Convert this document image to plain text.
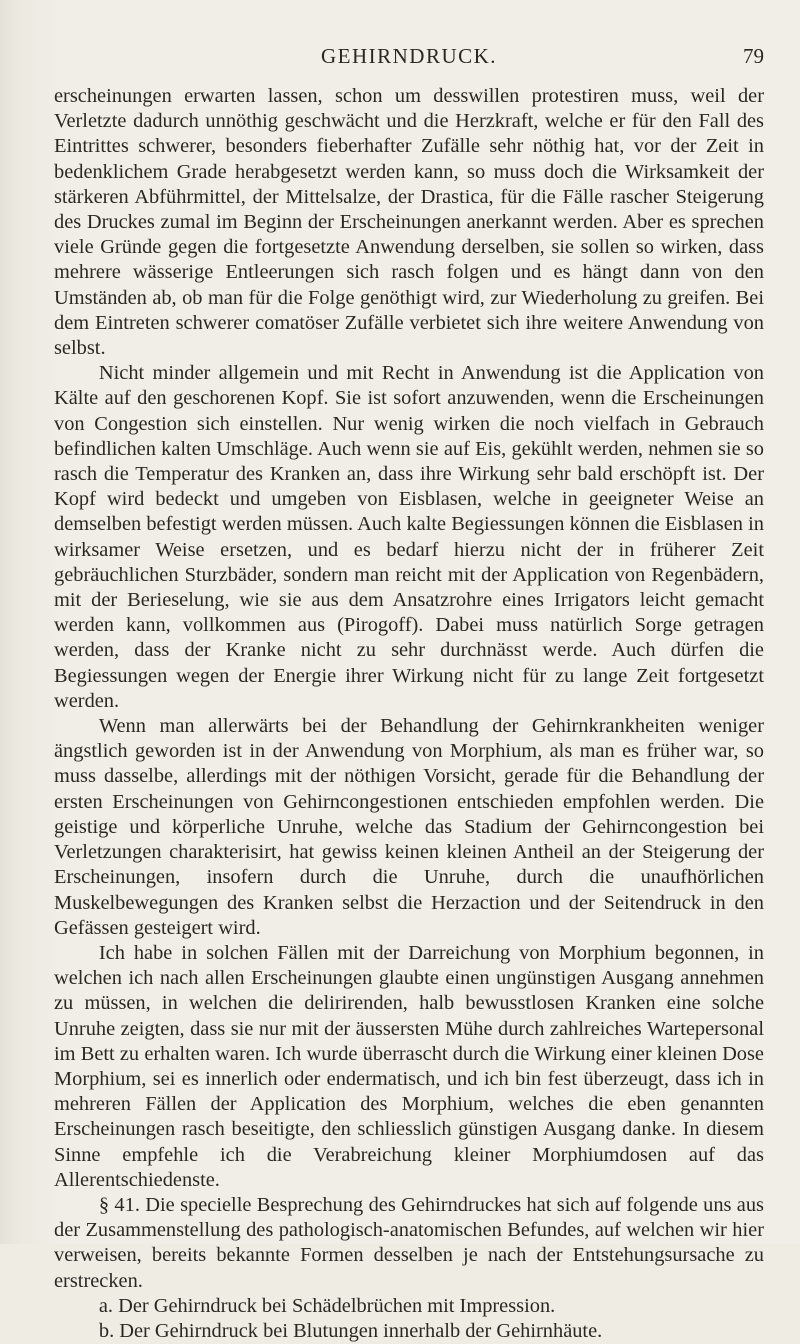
GEHIRNDRUCK.	79

erscheinungen erwarten lassen, schon um desswillen protestiren muss, weil der Verletzte dadurch unnöthig geschwächt und die Herzkraft, welche er für den Fall des Eintrittes schwerer, besonders fieberhafter Zufälle sehr nöthig hat, vor der Zeit in bedenklichem Grade herabgesetzt werden kann, so muss doch die Wirksamkeit der stärkeren Abführmittel, der Mittelsalze, der Drastica, für die Fälle rascher Steigerung des Druckes zumal im Beginn der Erscheinungen anerkannt werden. Aber es sprechen viele Gründe gegen die fortgesetzte Anwendung derselben, sie sollen so wirken, dass mehrere wässerige Entleerungen sich rasch folgen und es hängt dann von den Umständen ab, ob man für die Folge genöthigt wird, zur Wiederholung zu greifen. Bei dem Eintreten schwerer comatöser Zufälle verbietet sich ihre weitere Anwendung von selbst.

Nicht minder allgemein und mit Recht in Anwendung ist die Application von Kälte auf den geschorenen Kopf. Sie ist sofort anzuwenden, wenn die Erscheinungen von Congestion sich einstellen. Nur wenig wirken die noch vielfach in Gebrauch befindlichen kalten Umschläge. Auch wenn sie auf Eis, gekühlt werden, nehmen sie so rasch die Temperatur des Kranken an, dass ihre Wirkung sehr bald erschöpft ist. Der Kopf wird bedeckt und umgeben von Eisblasen, welche in geeigneter Weise an demselben befestigt werden müssen. Auch kalte Begiessungen können die Eisblasen in wirksamer Weise ersetzen, und es bedarf hierzu nicht der in früherer Zeit gebräuchlichen Sturzbäder, sondern man reicht mit der Application von Regenbädern, mit der Berieselung, wie sie aus dem Ansatzrohre eines Irrigators leicht gemacht werden kann, vollkommen aus (Pirogoff). Dabei muss natürlich Sorge getragen werden, dass der Kranke nicht zu sehr durchnässt werde. Auch dürfen die Begiessungen wegen der Energie ihrer Wirkung nicht für zu lange Zeit fortgesetzt werden.

Wenn man allerwärts bei der Behandlung der Gehirnkrankheiten weniger ängstlich geworden ist in der Anwendung von Morphium, als man es früher war, so muss dasselbe, allerdings mit der nöthigen Vorsicht, gerade für die Behandlung der ersten Erscheinungen von Gehirncongestionen entschieden empfohlen werden. Die geistige und körperliche Unruhe, welche das Stadium der Gehirncongestion bei Verletzungen charakterisirt, hat gewiss keinen kleinen Antheil an der Steigerung der Erscheinungen, insofern durch die Unruhe, durch die unaufhörlichen Muskelbewegungen des Kranken selbst die Herzaction und der Seitendruck in den Gefässen gesteigert wird.

Ich habe in solchen Fällen mit der Darreichung von Morphium begonnen, in welchen ich nach allen Erscheinungen glaubte einen ungünstigen Ausgang annehmen zu müssen, in welchen die delirirenden, halb bewusstlosen Kranken eine solche Unruhe zeigten, dass sie nur mit der äussersten Mühe durch zahlreiches Wartepersonal im Bett zu erhalten waren. Ich wurde überrascht durch die Wirkung einer kleinen Dose Morphium, sei es innerlich oder endermatisch, und ich bin fest überzeugt, dass ich in mehreren Fällen der Application des Morphium, welches die eben genannten Erscheinungen rasch beseitigte, den schliesslich günstigen Ausgang danke. In diesem Sinne empfehle ich die Verabreichung kleiner Morphiumdosen auf das Allerentschiedenste.

§ 41. Die specielle Besprechung des Gehirndruckes hat sich auf folgende uns aus der Zusammenstellung des pathologisch-anatomischen Befundes, auf welchen wir hier verweisen, bereits bekannte Formen desselben je nach der Entstehungsursache zu erstrecken.

a. Der Gehirndruck bei Schädelbrüchen mit Impression.

b. Der Gehirndruck bei Blutungen innerhalb der Gehirnhäute.
